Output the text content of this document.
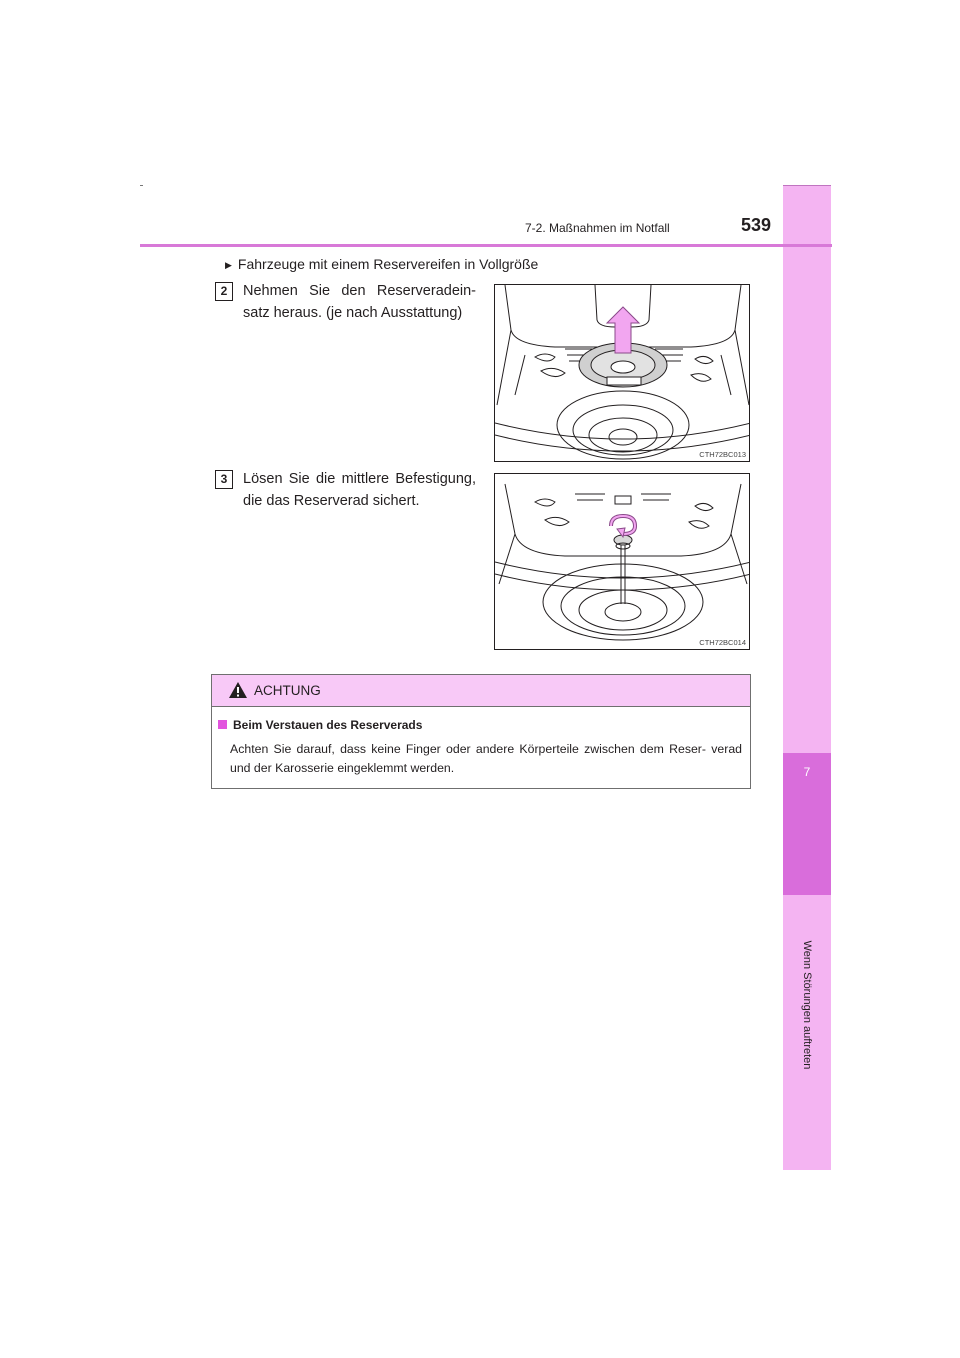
7
Wenn Störungen auftreten
7-2. Maßnahmen im Notfall	539
▶ Fahrzeuge mit einem Reservereifen in Vollgröße
2	Nehmen Sie den Reserveradein- satz heraus. (je nach Ausstattung)
CTH72BC013
3	Lösen Sie die mittlere Befestigung, die das Reserverad sichert.
CTH72BC014
ACHTUNG
Beim Verstauen des Reserverads
Achten Sie darauf, dass keine Finger oder andere Körperteile zwischen dem Reser- verad und der Karosserie eingeklemmt werden.
